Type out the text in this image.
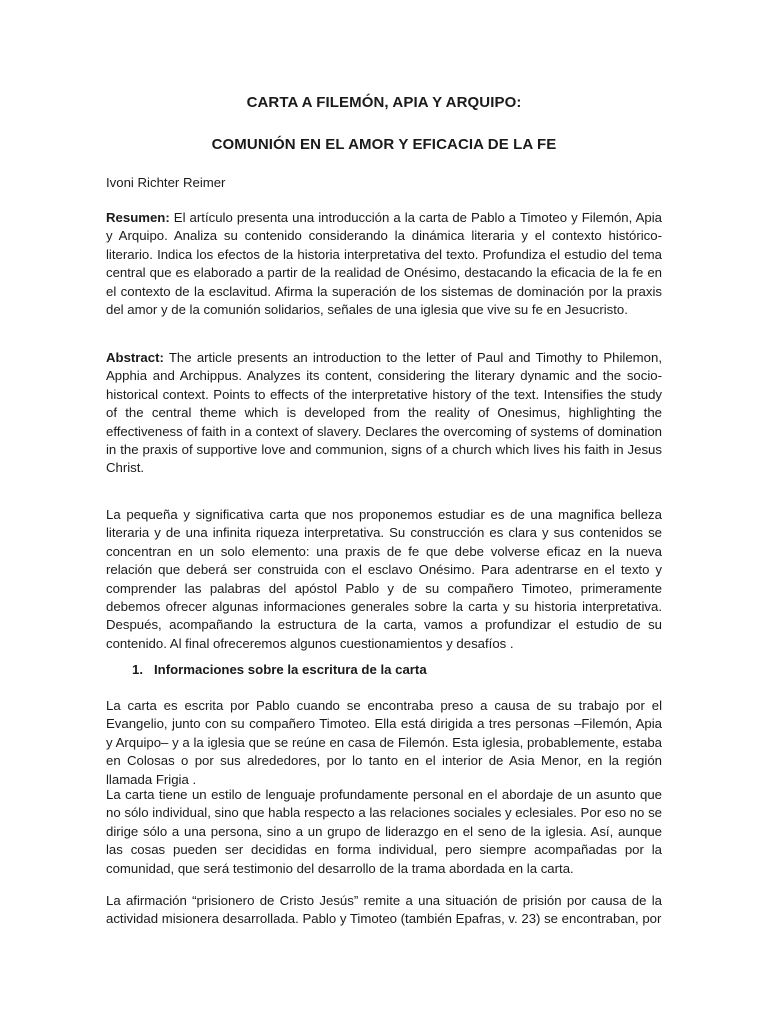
CARTA A FILEMÓN, APIA Y ARQUIPO:
COMUNIÓN EN EL AMOR Y EFICACIA DE LA FE
Ivoni Richter Reimer

Resumen: El artículo presenta una introducción a la carta de Pablo a Timoteo y Filemón, Apia y Arquipo. Analiza su contenido considerando la dinámica literaria y el contexto histórico-literario. Indica los efectos de la historia interpretativa del texto. Profundiza el estudio del tema central que es elaborado a partir de la realidad de Onésimo, destacando la eficacia de la fe en el contexto de la esclavitud. Afirma la superación de los sistemas de dominación por la praxis del amor y de la comunión solidarios, señales de una iglesia que vive su fe en Jesucristo.

Abstract: The article presents an introduction to the letter of Paul and Timothy to Philemon, Apphia and Archippus. Analyzes its content, considering the literary dynamic and the socio-historical context. Points to effects of the interpretative history of the text. Intensifies the study of the central theme which is developed from the reality of Onesimus, highlighting the effectiveness of faith in a context of slavery. Declares the overcoming of systems of domination in the praxis of supportive love and communion, signs of a church which lives his faith in Jesus Christ.

La pequeña y significativa carta que nos proponemos estudiar es de una magnifica belleza literaria y de una infinita riqueza interpretativa. Su construcción es clara y sus contenidos se concentran en un solo elemento: una praxis de fe que debe volverse eficaz en la nueva relación que deberá ser construida con el esclavo Onésimo. Para adentrarse en el texto y comprender las palabras del apóstol Pablo y de su compañero Timoteo, primeramente debemos ofrecer algunas informaciones generales sobre la carta y su historia interpretativa. Después, acompañando la estructura de la carta, vamos a profundizar el estudio de su contenido. Al final ofreceremos algunos cuestionamientos y desafíos .

1. Informaciones sobre la escritura de la carta

La carta es escrita por Pablo cuando se encontraba preso a causa de su trabajo por el Evangelio, junto con su compañero Timoteo. Ella está dirigida a tres personas –Filemón, Apia y Arquipo– y a la iglesia que se reúne en casa de Filemón. Esta iglesia, probablemente, estaba en Colosas o por sus alrededores, por lo tanto en el interior de Asia Menor, en la región llamada Frigia .

La carta tiene un estilo de lenguaje profundamente personal en el abordaje de un asunto que no sólo individual, sino que habla respecto a las relaciones sociales y eclesiales. Por eso no se dirige sólo a una persona, sino a un grupo de liderazgo en el seno de la iglesia. Así, aunque las cosas pueden ser decididas en forma individual, pero siempre acompañadas por la comunidad, que será testimonio del desarrollo de la trama abordada en la carta.

La afirmación “prisionero de Cristo Jesús” remite a una situación de prisión por causa de la actividad misionera desarrollada. Pablo y Timoteo (también Epafras, v. 23) se encontraban, por
